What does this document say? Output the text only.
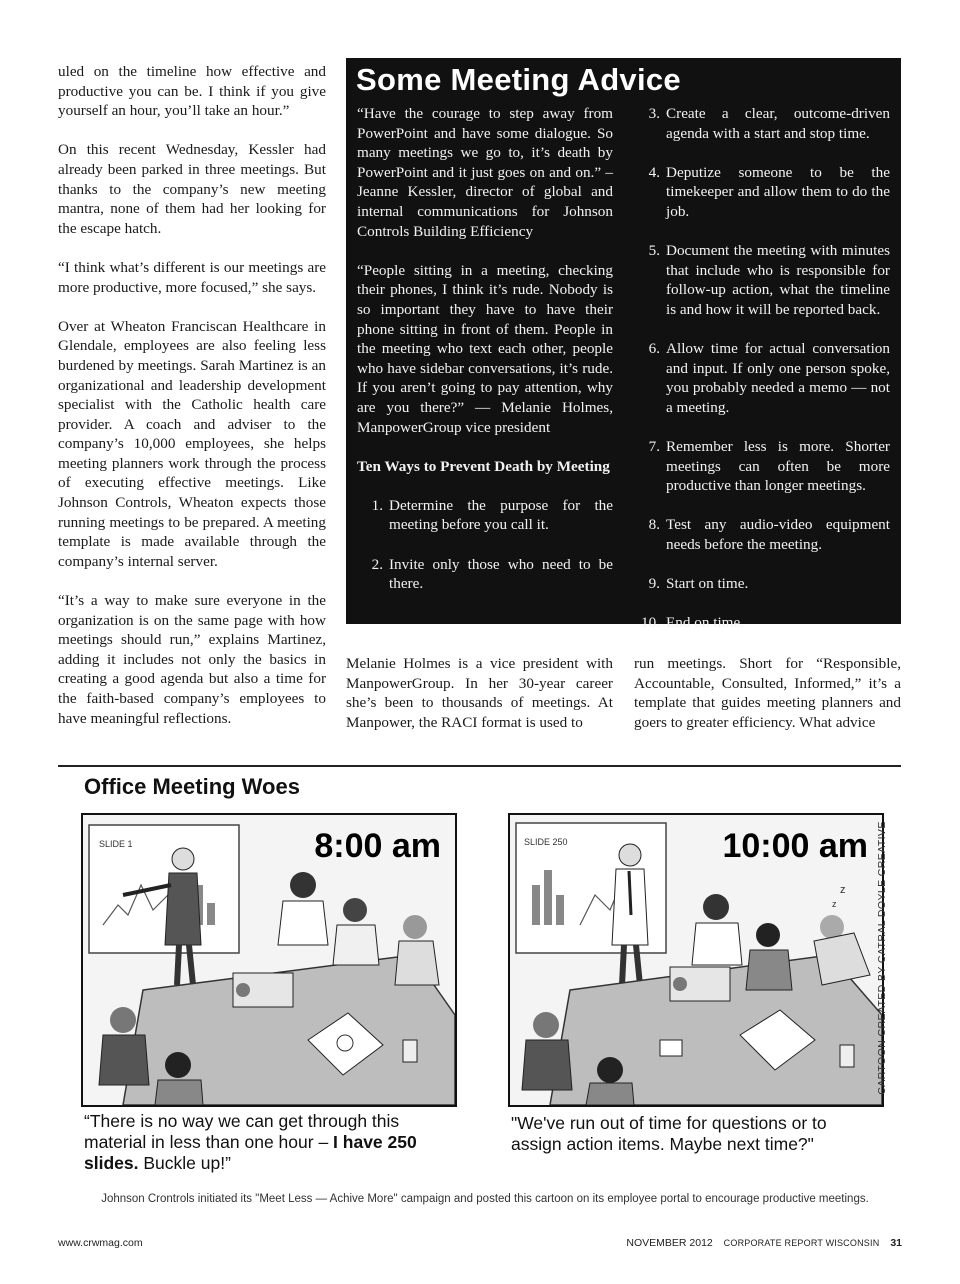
uled on the timeline how effective and productive you can be. I think if you give yourself an hour, you’ll take an hour.”

On this recent Wednesday, Kessler had already been parked in three meetings. But thanks to the company’s new meeting mantra, none of them had her looking for the escape hatch.

“I think what’s different is our meetings are more productive, more focused,” she says.

Over at Wheaton Franciscan Healthcare in Glendale, employees are also feeling less burdened by meetings. Sarah Martinez is an organizational and leadership development specialist with the Catholic health care provider. A coach and adviser to the company’s 10,000 employees, she helps meeting planners work through the process of executing effective meetings. Like Johnson Controls, Wheaton expects those running meetings to be prepared. A meeting template is made available through the company’s internal server.

“It’s a way to make sure everyone in the organization is on the same page with how meetings should run,” explains Martinez, adding it includes not only the basics in creating a good agenda but also a time for the faith-based company’s employees to have meaningful reflections.

Some Meeting Advice

“Have the courage to step away from PowerPoint and have some dialogue. So many meetings we go to, it’s death by PowerPoint and it just goes on and on.” – Jeanne Kessler, director of global and internal communications for Johnson Controls Building Efficiency

“People sitting in a meeting, checking their phones, I think it’s rude. Nobody is so important they have to have their phone sitting in front of them. People in the meeting who text each other, people who have sidebar conversations, it’s rude. If you aren’t going to pay attention, why are you there?” — Melanie Holmes, ManpowerGroup vice president

Ten Ways to Prevent Death by Meeting

1. Determine the purpose for the meeting before you call it.
2. Invite only those who need to be there.
3. Create a clear, outcome-driven agenda with a start and stop time.
4. Deputize someone to be the timekeeper and allow them to do the job.
5. Document the meeting with minutes that include who is responsible for follow-up action, what the timeline is and how it will be reported back.
6. Allow time for actual conversation and input. If only one person spoke, you probably needed a memo — not a meeting.
7. Remember less is more. Shorter meetings can often be more productive than longer meetings.
8. Test any audio-video equipment needs before the meeting.
9. Start on time.
10. End on time.
Melanie Holmes is a vice president with ManpowerGroup. In her 30-year career she’s been to thousands of meetings. At Manpower, the RACI format is used to
run meetings. Short for “Responsible, Accountable, Consulted, Informed,” it’s a template that guides meeting planners and goers to greater efficiency. What advice
Office Meeting Woes
SLIDE 1	8:00 am	SLIDE 250
z
z
10:00 am CARTOON CREATED BY CATRAL DOYLE CREATIVE
“There is no way we can get through this material in less than one hour – I have 250 slides. Buckle up!”
"We've run out of time for questions or to assign action items. Maybe next time?"
Johnson Crontrols initiated its "Meet Less — Achive More" campaign and posted this cartoon on its employee portal to encourage productive meetings.
www.crwmag.com	NOVEMBER 2012 CORPORATE REPORT WISCONSIN 31
